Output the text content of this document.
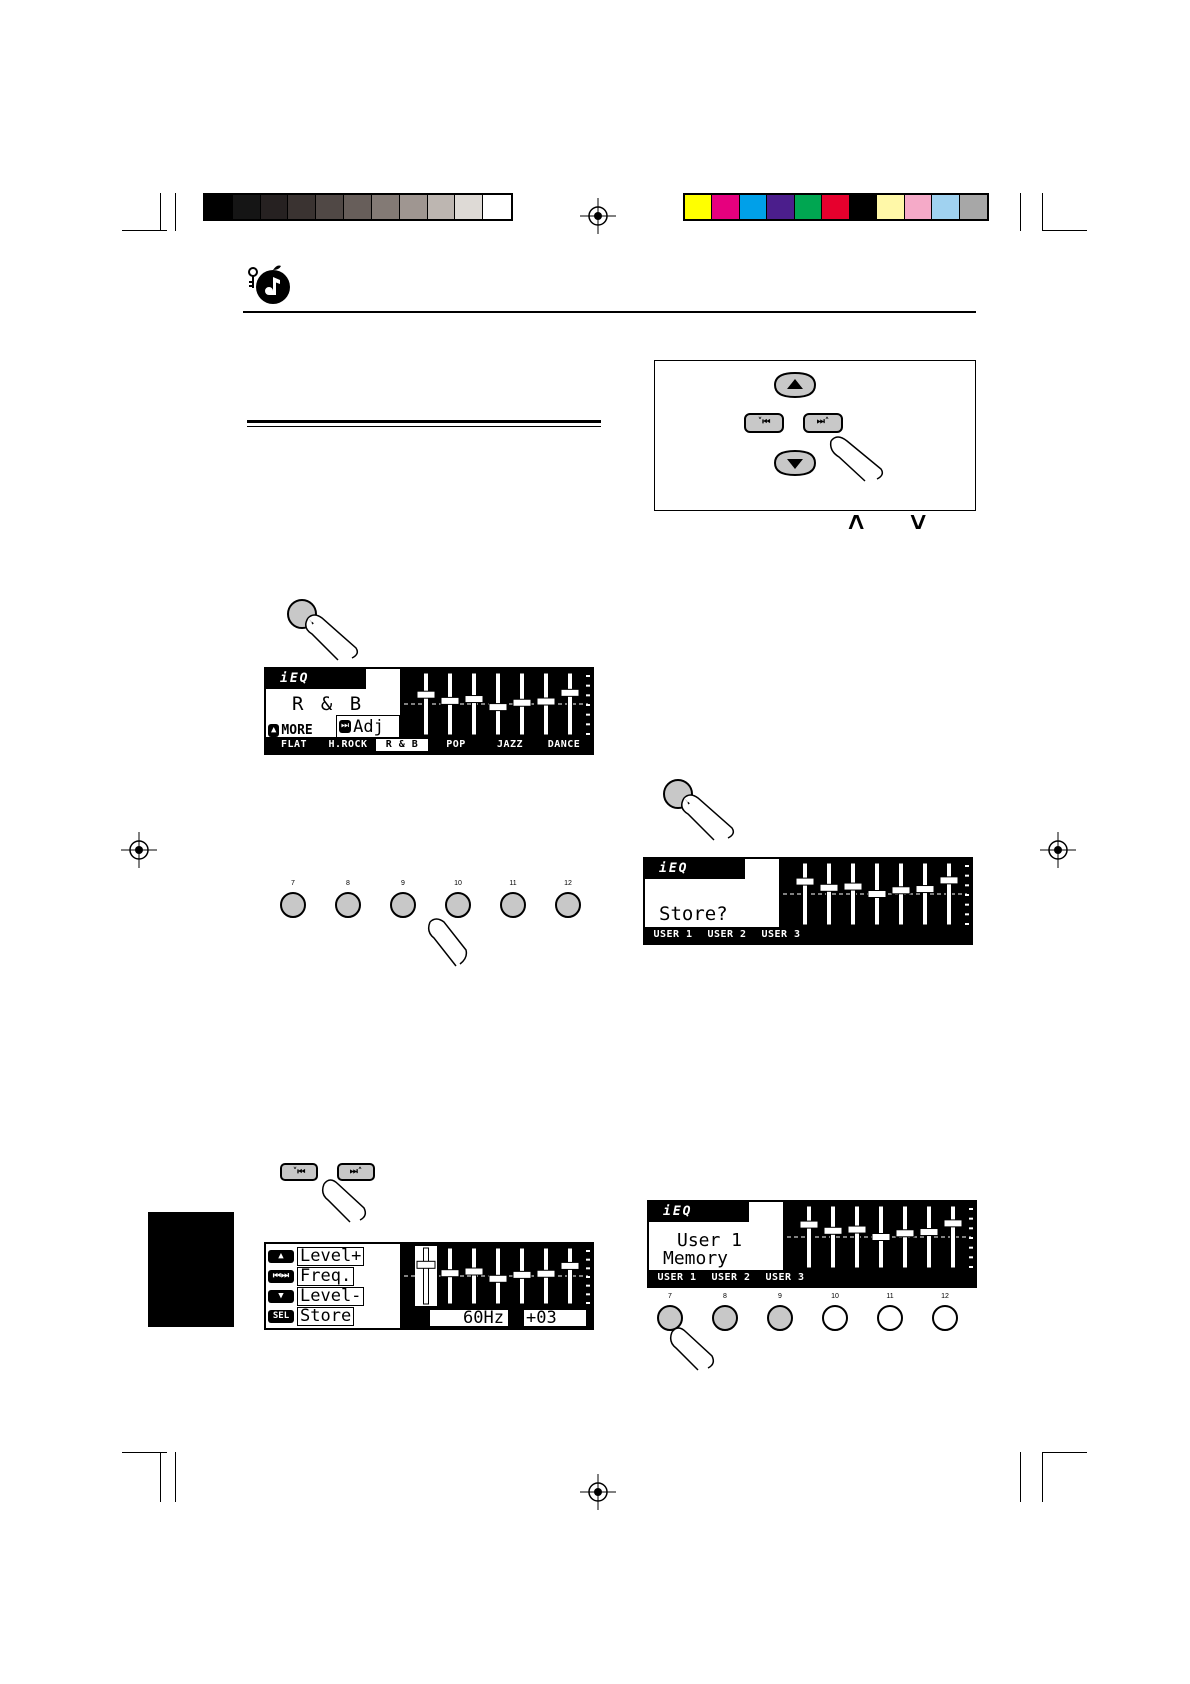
˅⏮	⏭˄
˄ ˅
iEQ
R & B
▲ MORE	⏭ Adj
FLAT	H.ROCK	R & B	POP	JAZZ	DANCE
7	8	9	10	11	12
˅⏮	⏭˄
▲ Level+
⏮⏭ Freq.
▼ Level-
SEL Store	60Hz +03
iEQ
Store?
USER 1	USER 2	USER 3
iEQ
User 1
Memory
USER 1	USER 2	USER 3
7	8	9	10	11	12
